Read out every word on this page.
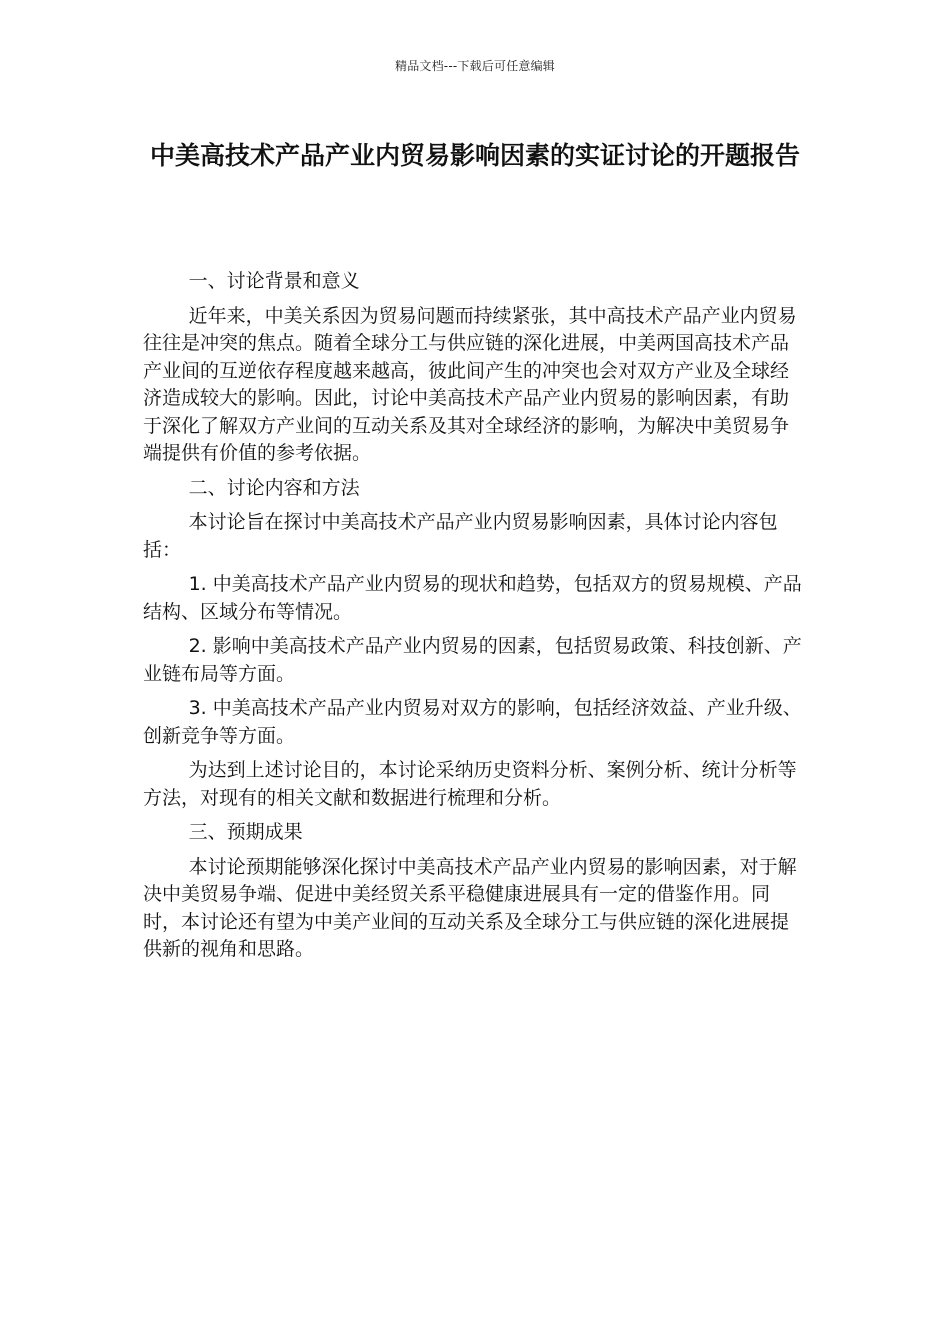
精品文档---下载后可任意编辑
中美高技术产品产业内贸易影响因素的实证讨论的开题报告
一、讨论背景和意义
近年来，中美关系因为贸易问题而持续紧张，其中高技术产品产业内贸易往往是冲突的焦点。随着全球分工与供应链的深化进展，中美两国高技术产品产业间的互逆依存程度越来越高，彼此间产生的冲突也会对双方产业及全球经济造成较大的影响。因此，讨论中美高技术产品产业内贸易的影响因素，有助于深化了解双方产业间的互动关系及其对全球经济的影响，为解决中美贸易争端提供有价值的参考依据。
二、讨论内容和方法
本讨论旨在探讨中美高技术产品产业内贸易影响因素，具体讨论内容包括：
1. 中美高技术产品产业内贸易的现状和趋势，包括双方的贸易规模、产品结构、区域分布等情况。
2. 影响中美高技术产品产业内贸易的因素，包括贸易政策、科技创新、产业链布局等方面。
3. 中美高技术产品产业内贸易对双方的影响，包括经济效益、产业升级、创新竞争等方面。
为达到上述讨论目的，本讨论采纳历史资料分析、案例分析、统计分析等方法，对现有的相关文献和数据进行梳理和分析。
三、预期成果
本讨论预期能够深化探讨中美高技术产品产业内贸易的影响因素，对于解决中美贸易争端、促进中美经贸关系平稳健康进展具有一定的借鉴作用。同时，本讨论还有望为中美产业间的互动关系及全球分工与供应链的深化进展提供新的视角和思路。
